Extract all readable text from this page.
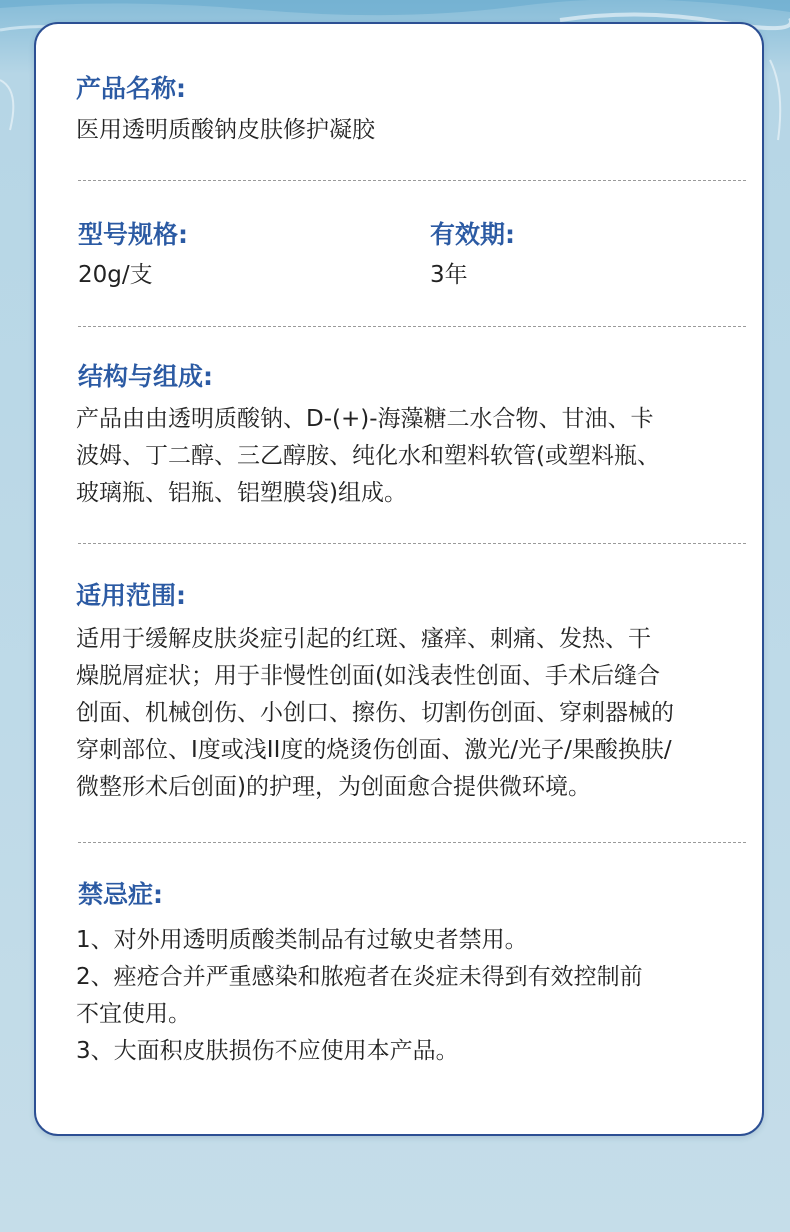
产品名称:
医用透明质酸钠皮肤修护凝胶
型号规格:
20g/支
有效期:
3年
结构与组成:
产品由由透明质酸钠、D-(+)-海藻糖二水合物、甘油、卡
波姆、丁二醇、三乙醇胺、纯化水和塑料软管(或塑料瓶、
玻璃瓶、铝瓶、铝塑膜袋)组成。
适用范围:
适用于缓解皮肤炎症引起的红斑、瘙痒、刺痛、发热、干
燥脱屑症状；用于非慢性创面(如浅表性创面、手术后缝合
创面、机械创伤、小创口、擦伤、切割伤创面、穿刺器械的
穿刺部位、I度或浅II度的烧烫伤创面、激光/光子/果酸换肤/
微整形术后创面)的护理，为创面愈合提供微环境。
禁忌症:
1、对外用透明质酸类制品有过敏史者禁用。
2、痤疮合并严重感染和脓疱者在炎症未得到有效控制前
不宜使用。
3、大面积皮肤损伤不应使用本产品。
